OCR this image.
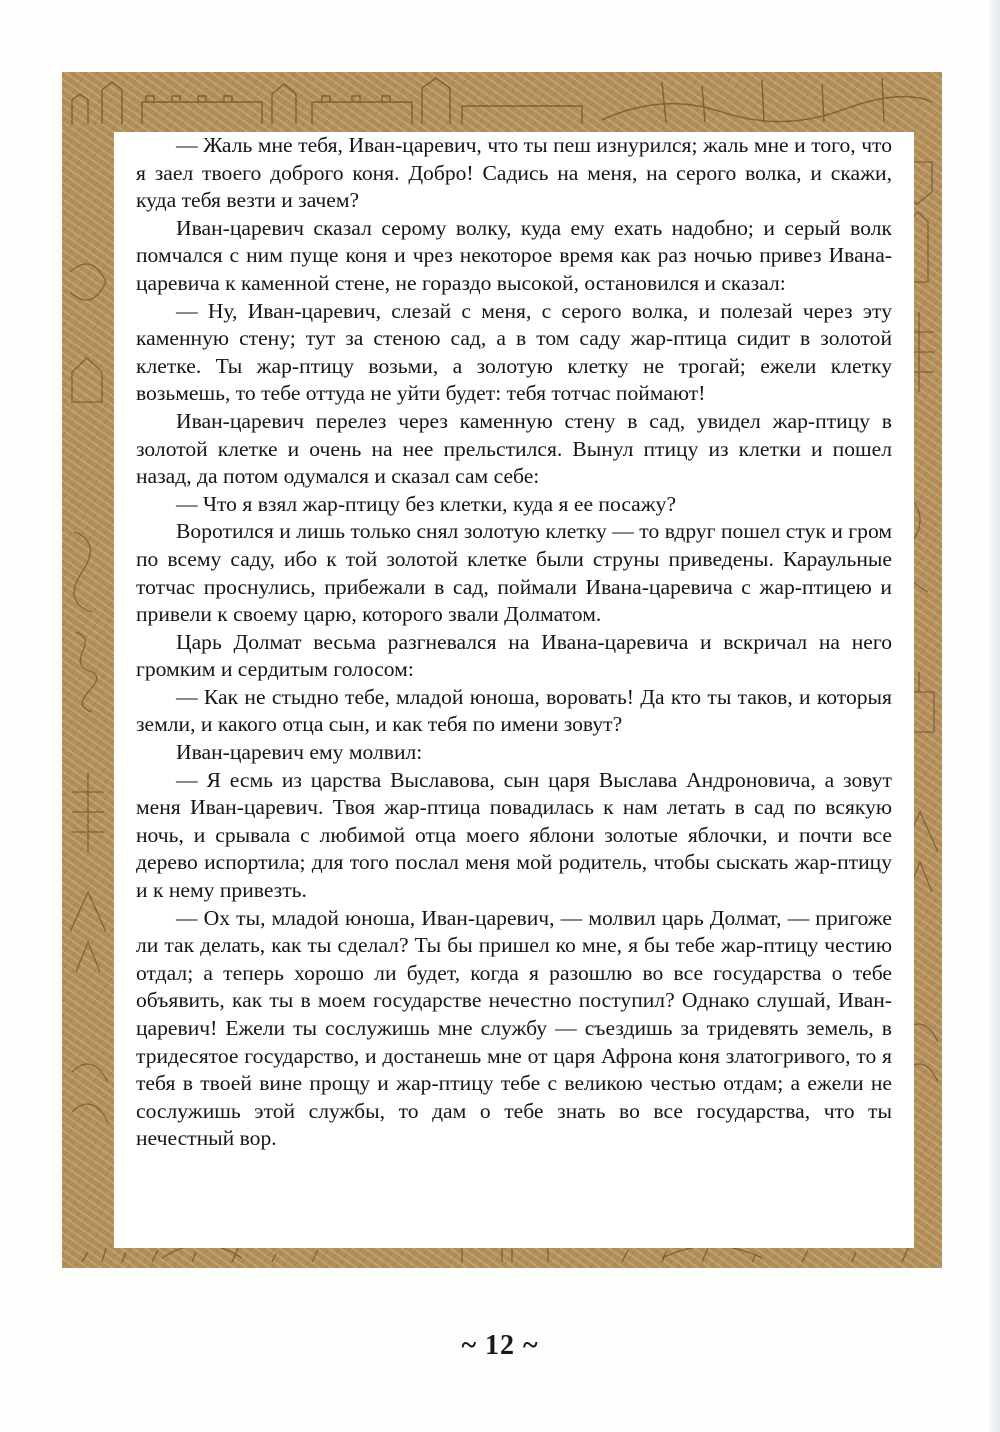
— Жаль мне тебя, Иван-царевич, что ты пеш изнурился; жаль мне и того, что я заел твоего доброго коня. Добро! Садись на меня, на серого волка, и скажи, куда тебя везти и зачем?

Иван-царевич сказал серому волку, куда ему ехать надобно; и серый волк помчался с ним пуще коня и чрез некоторое время как раз ночью привез Ивана-царевича к каменной стене, не гораздо высокой, остановился и сказал:

— Ну, Иван-царевич, слезай с меня, с серого волка, и полезай через эту каменную стену; тут за стеною сад, а в том саду жар-птица сидит в золотой клетке. Ты жар-птицу возьми, а золотую клетку не трогай; ежели клетку возьмешь, то тебе оттуда не уйти будет: тебя тотчас поймают!

Иван-царевич перелез через каменную стену в сад, увидел жар-птицу в золотой клетке и очень на нее прельстился. Вынул птицу из клетки и пошел назад, да потом одумался и сказал сам себе:

— Что я взял жар-птицу без клетки, куда я ее посажу?

Воротился и лишь только снял золотую клетку — то вдруг пошел стук и гром по всему саду, ибо к той золотой клетке были струны приведены. Караульные тотчас проснулись, прибежали в сад, поймали Ивана-царевича с жар-птицею и привели к своему царю, которого звали Долматом.

Царь Долмат весьма разгневался на Ивана-царевича и вскричал на него громким и сердитым голосом:

— Как не стыдно тебе, младой юноша, воровать! Да кто ты таков, и которыя земли, и какого отца сын, и как тебя по имени зовут?

Иван-царевич ему молвил:

— Я есмь из царства Выславова, сын царя Выслава Андроновича, а зовут меня Иван-царевич. Твоя жар-птица повадилась к нам летать в сад по всякую ночь, и срывала с любимой отца моего яблони золотые яблочки, и почти все дерево испортила; для того послал меня мой родитель, чтобы сыскать жар-птицу и к нему привезть.

— Ох ты, младой юноша, Иван-царевич, — молвил царь Долмат, — пригоже ли так делать, как ты сделал? Ты бы пришел ко мне, я бы тебе жар-птицу честию отдал; а теперь хорошо ли будет, когда я разошлю во все государства о тебе объявить, как ты в моем государстве нечестно поступил? Однако слушай, Иван-царевич! Ежели ты сослужишь мне службу — съездишь за тридевять земель, в тридесятое государство, и достанешь мне от царя Афрона коня златогривого, то я тебя в твоей вине прощу и жар-птицу тебе с великою честью отдам; а ежели не сослужишь этой службы, то дам о тебе знать во все государства, что ты нечестный вор.

~ 12 ~
